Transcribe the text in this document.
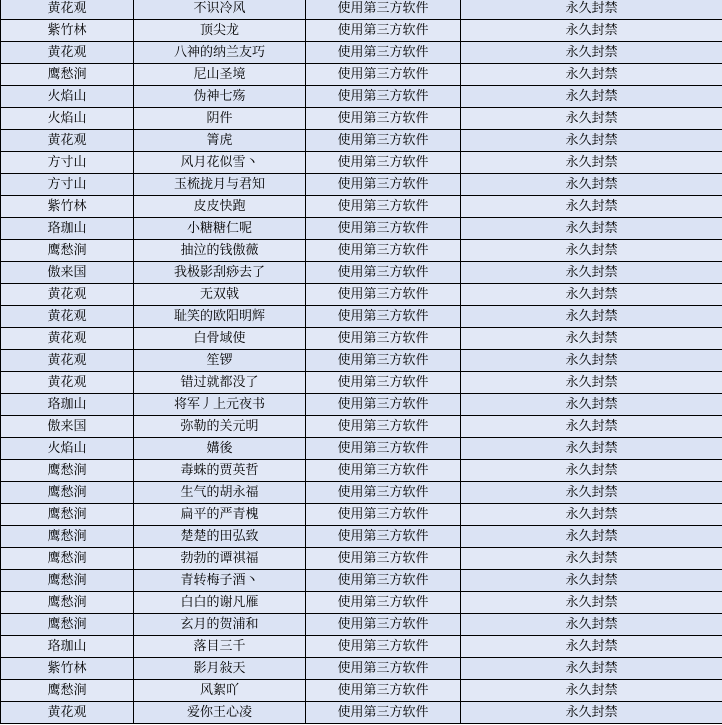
黄花观	不识冷风	使用第三方软件	永久封禁
紫竹林	顶尖龙	使用第三方软件	永久封禁
黄花观	八神的纳兰友巧	使用第三方软件	永久封禁
鹰愁涧	尼山圣境	使用第三方软件	永久封禁
火焰山	伪神七殇	使用第三方软件	永久封禁
火焰山	阴件	使用第三方软件	永久封禁
黄花观	箐虎	使用第三方软件	永久封禁
方寸山	风月花似雪丶	使用第三方软件	永久封禁
方寸山	玉梳拢月与君知	使用第三方软件	永久封禁
紫竹林	皮皮快跑	使用第三方软件	永久封禁
珞珈山	小糖糖仁呢	使用第三方软件	永久封禁
鹰愁涧	抽泣的钱傲薇	使用第三方软件	永久封禁
傲来国	我极影刮痧去了	使用第三方软件	永久封禁
黄花观	无双戟	使用第三方软件	永久封禁
黄花观	耻笑的欧阳明辉	使用第三方软件	永久封禁
黄花观	白骨域使	使用第三方软件	永久封禁
黄花观	笙锣	使用第三方软件	永久封禁
黄花观	错过就都没了	使用第三方软件	永久封禁
珞珈山	将军丿上元夜书	使用第三方软件	永久封禁
傲来国	弥勒的关元明	使用第三方软件	永久封禁
火焰山	媾後	使用第三方软件	永久封禁
鹰愁涧	毒蛛的贾英哲	使用第三方软件	永久封禁
鹰愁涧	生气的胡永福	使用第三方软件	永久封禁
鹰愁涧	扁平的严青槐	使用第三方软件	永久封禁
鹰愁涧	楚楚的田弘致	使用第三方软件	永久封禁
鹰愁涧	勃勃的谭祺福	使用第三方软件	永久封禁
鹰愁涧	青转梅子酒丶	使用第三方软件	永久封禁
鹰愁涧	白白的谢凡雁	使用第三方软件	永久封禁
鹰愁涧	玄月的贺浦和	使用第三方软件	永久封禁
珞珈山	落目三千	使用第三方软件	永久封禁
紫竹林	影月敍天	使用第三方软件	永久封禁
鹰愁涧	风絮吖	使用第三方软件	永久封禁
黄花观	爱你王心凌	使用第三方软件	永久封禁
